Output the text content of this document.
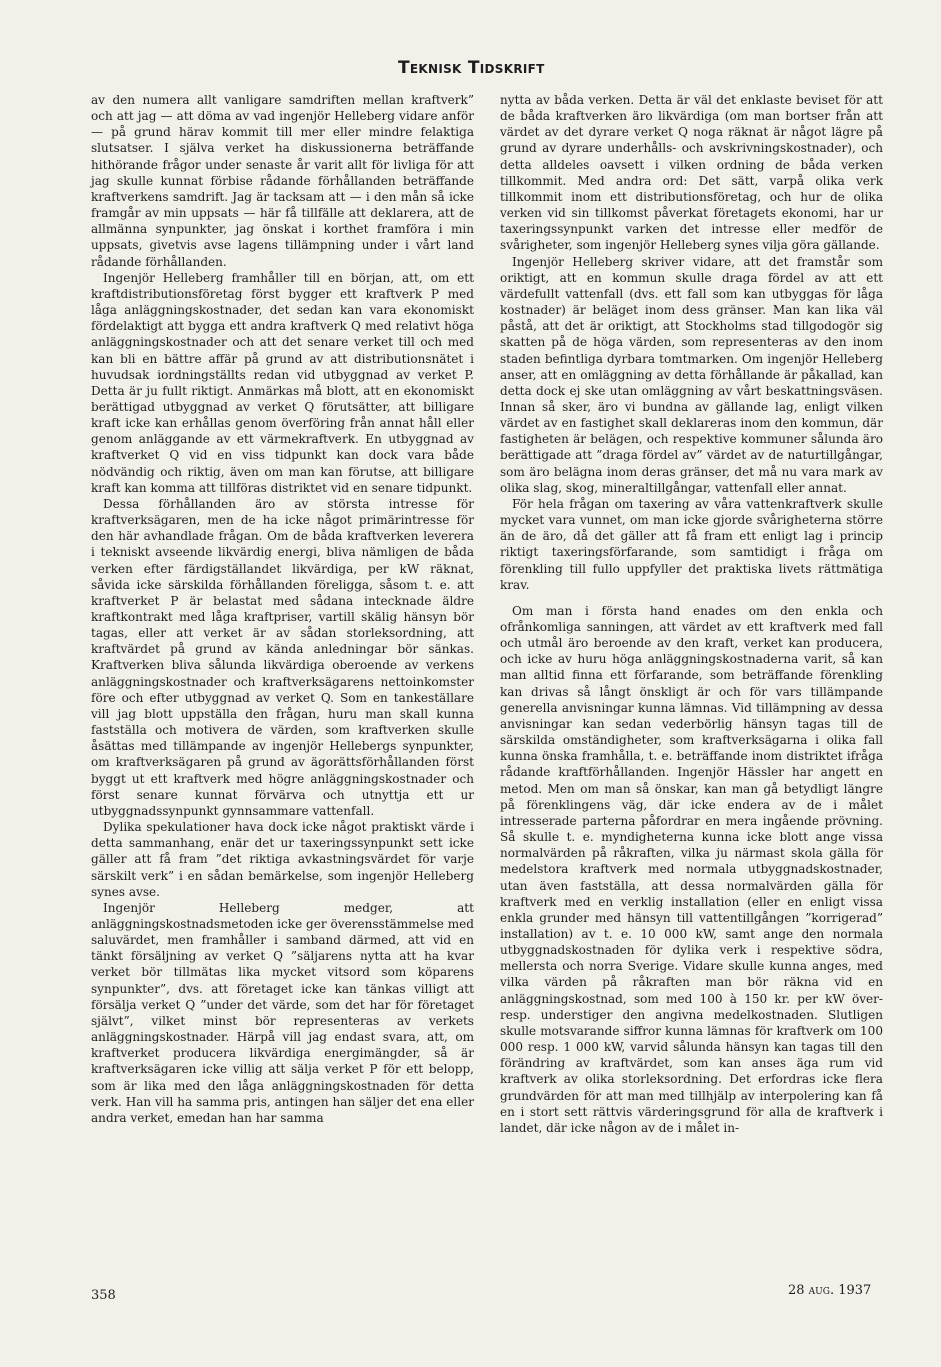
Teknisk Tidskrift

av den numera allt vanligare samdriften mellan kraftverk” och att jag — att döma av vad ingenjör Helleberg vidare anför — på grund härav kommit till mer eller mindre felaktiga slutsatser. I själva verket ha diskussionerna beträffande hithörande frågor under senaste år varit allt för livliga för att jag skulle kunnat förbise rådande förhållanden beträffande kraftverkens samdrift. Jag är tacksam att — i den mån så icke framgår av min uppsats — här få tillfälle att deklarera, att de allmänna synpunkter, jag önskat i korthet framföra i min uppsats, givetvis avse lagens tillämpning under i vårt land rådande förhållanden.

Ingenjör Helleberg framhåller till en början, att, om ett kraftdistributionsföretag först bygger ett kraftverk P med låga anläggningskostnader, det sedan kan vara ekonomiskt fördelaktigt att bygga ett andra kraftverk Q med relativt höga anläggningskostnader och att det senare verket till och med kan bli en bättre affär på grund av att distributionsnätet i huvudsak iordningställts redan vid utbyggnad av verket P. Detta är ju fullt riktigt. Anmärkas må blott, att en ekonomiskt berättigad utbyggnad av verket Q förutsätter, att billigare kraft icke kan erhållas genom överföring från annat håll eller genom anläggande av ett värmekraftverk. En utbyggnad av kraftverket Q vid en viss tidpunkt kan dock vara både nödvändig och riktig, även om man kan förutse, att billigare kraft kan komma att tillföras distriktet vid en senare tidpunkt.

Dessa förhållanden äro av största intresse för kraftverksägaren, men de ha icke något primärintresse för den här avhandlade frågan. Om de båda kraftverken leverera i tekniskt avseende likvärdig energi, bliva nämligen de båda verken efter färdigställandet likvärdiga, per kW räknat, såvida icke särskilda förhållanden föreligga, såsom t. e. att kraftverket P är belastat med sådana intecknade äldre kraftkontrakt med låga kraftpriser, vartill skälig hänsyn bör tagas, eller att verket är av sådan storleksordning, att kraftvärdet på grund av kända anledningar bör sänkas. Kraftverken bliva sålunda likvärdiga oberoende av verkens anläggningskostnader och kraftverksägarens nettoinkomster före och efter utbyggnad av verket Q. Som en tankeställare vill jag blott uppställa den frågan, huru man skall kunna fastställa och motivera de värden, som kraftverken skulle åsättas med tillämpande av ingenjör Hellebergs synpunkter, om kraftverksägaren på grund av ägorättsförhållanden först byggt ut ett kraftverk med högre anläggningskostnader och först senare kunnat förvärva och utnyttja ett ur utbyggnadssynpunkt gynnsammare vattenfall.

Dylika spekulationer hava dock icke något praktiskt värde i detta sammanhang, enär det ur taxeringssynpunkt sett icke gäller att få fram ”det riktiga avkastningsvärdet för varje särskilt verk” i en sådan bemärkelse, som ingenjör Helleberg synes avse.

Ingenjör Helleberg medger, att anläggningskostnadsmetoden icke ger överensstämmelse med saluvärdet, men framhåller i samband därmed, att vid en tänkt försäljning av verket Q ”säljarens nytta att ha kvar verket bör tillmätas lika mycket vitsord som köparens synpunkter”, dvs. att företaget icke kan tänkas villigt att försälja verket Q ”under det värde, som det har för företaget självt”, vilket minst bör representeras av verkets anläggningskostnader. Härpå vill jag endast svara, att, om kraftverket producera likvärdiga energimängder, så är kraftverksägaren icke villig att sälja verket P för ett belopp, som är lika med den låga anläggningskostnaden för detta verk. Han vill ha samma pris, antingen han säljer det ena eller andra verket, emedan han har samma

nytta av båda verken. Detta är väl det enklaste beviset för att de båda kraftverken äro likvärdiga (om man bortser från att värdet av det dyrare verket Q noga räknat är något lägre på grund av dyrare underhålls- och avskrivningskostnader), och detta alldeles oavsett i vilken ordning de båda verken tillkommit. Med andra ord: Det sätt, varpå olika verk tillkommit inom ett distributionsföretag, och hur de olika verken vid sin tillkomst påverkat företagets ekonomi, har ur taxeringssynpunkt varken det intresse eller medför de svårigheter, som ingenjör Helleberg synes vilja göra gällande.

Ingenjör Helleberg skriver vidare, att det framstår som oriktigt, att en kommun skulle draga fördel av att ett värdefullt vattenfall (dvs. ett fall som kan utbyggas för låga kostnader) är beläget inom dess gränser. Man kan lika väl påstå, att det är oriktigt, att Stockholms stad tillgodogör sig skatten på de höga värden, som representeras av den inom staden befintliga dyrbara tomtmarken. Om ingenjör Helleberg anser, att en omläggning av detta förhållande är påkallad, kan detta dock ej ske utan omläggning av vårt beskattningsväsen. Innan så sker, äro vi bundna av gällande lag, enligt vilken värdet av en fastighet skall deklareras inom den kommun, där fastigheten är belägen, och respektive kommuner sålunda äro berättigade att ”draga fördel av” värdet av de naturtillgångar, som äro belägna inom deras gränser, det må nu vara mark av olika slag, skog, mineraltillgångar, vattenfall eller annat.

För hela frågan om taxering av våra vattenkraftverk skulle mycket vara vunnet, om man icke gjorde svårigheterna större än de äro, då det gäller att få fram ett enligt lag i princip riktigt taxeringsförfarande, som samtidigt i fråga om förenkling till fullo uppfyller det praktiska livets rättmätiga krav.

Om man i första hand enades om den enkla och ofrånkomliga sanningen, att värdet av ett kraftverk med fall och utmål äro beroende av den kraft, verket kan producera, och icke av huru höga anläggningskostnaderna varit, så kan man alltid finna ett förfarande, som beträffande förenkling kan drivas så långt önskligt är och för vars tillämpande generella anvisningar kunna lämnas. Vid tillämpning av dessa anvisningar kan sedan vederbörlig hänsyn tagas till de särskilda omständigheter, som kraftverksägarna i olika fall kunna önska framhålla, t. e. beträffande inom distriktet ifråga rådande kraftförhållanden. Ingenjör Hässler har angett en metod. Men om man så önskar, kan man gå betydligt längre på förenklingens väg, där icke endera av de i målet intresserade parterna påfordrar en mera ingående prövning. Så skulle t. e. myndigheterna kunna icke blott ange vissa normalvärden på råkraften, vilka ju närmast skola gälla för medelstora kraftverk med normala utbyggnadskostnader, utan även fastställa, att dessa normalvärden gälla för kraftverk med en verklig installation (eller en enligt vissa enkla grunder med hänsyn till vattentillgången ”korrigerad” installation) av t. e. 10 000 kW, samt ange den normala utbyggnadskostnaden för dylika verk i respektive södra, mellersta och norra Sverige. Vidare skulle kunna anges, med vilka värden på råkraften man bör räkna vid en anläggningskostnad, som med 100 à 150 kr. per kW över- resp. understiger den angivna medelkostnaden. Slutligen skulle motsvarande siffror kunna lämnas för kraftverk om 100 000 resp. 1 000 kW, varvid sålunda hänsyn kan tagas till den förändring av kraftvärdet, som kan anses äga rum vid kraftverk av olika storleksordning. Det erfordras icke flera grundvärden för att man med tillhjälp av interpolering kan få en i stort sett rättvis värderingsgrund för alla de kraftverk i landet, där icke någon av de i målet in-

358	28 aug. 1937
